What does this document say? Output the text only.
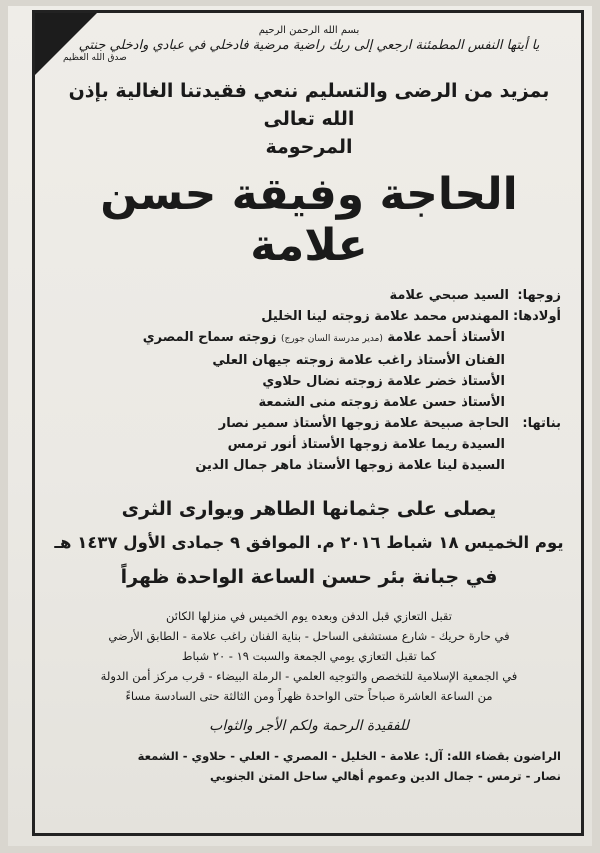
بسم الله الرحمن الرحيم
يا أيتها النفس المطمئنة ارجعي إلى ربك راضية مرضية فادخلي في عبادي وادخلي جنتي
صدق الله العظيم
بمزيد من الرضى والتسليم ننعي فقيدتنا الغالية بإذن الله تعالى
المرحومة
الحاجة وفيقة حسن علامة
زوجها:السيد صبحي علامة
أولادها:المهندس محمد علامة زوجته لينا الخليل
الأستاذ أحمد علامة (مدير مدرسة السان جورج) زوجته سماح المصري
الفنان الأستاذ راغب علامة زوجته جيهان العلي
الأستاذ خضر علامة زوجته نضال حلاوي
الأستاذ حسن علامة زوجته منى الشمعة
بناتها:الحاجة صبيحة علامة زوجها الأستاذ سمير نصار
السيدة ريما علامة زوجها الأستاذ أنور ترمس
السيدة لينا علامة زوجها الأستاذ ماهر جمال الدين
يصلى على جثمانها الطاهر ويوارى الثرى
يوم الخميس ١٨ شباط ٢٠١٦ م. الموافق ٩ جمادى الأول ١٤٣٧ هـ
في جبانة بئر حسن الساعة الواحدة ظهراً
تقبل التعازي قبل الدفن وبعده يوم الخميس في منزلها الكائن
في حارة حريك - شارع مستشفى الساحل - بناية الفنان راغب علامة - الطابق الأرضي
كما تقبل التعازي يومي الجمعة والسبت ١٩ - ٢٠ شباط
في الجمعية الإسلامية للتخصص والتوجيه العلمي - الرملة البيضاء - قرب مركز أمن الدولة
من الساعة العاشرة صباحاً حتى الواحدة ظهراً ومن الثالثة حتى السادسة مساءً
للفقيدة الرحمة ولكم الأجر والثواب
الراضون بقضاء الله: آل: علامة - الخليل - المصري - العلي - حلاوي - الشمعة
نصار - ترمس - جمال الدين وعموم أهالي ساحل المتن الجنوبي
